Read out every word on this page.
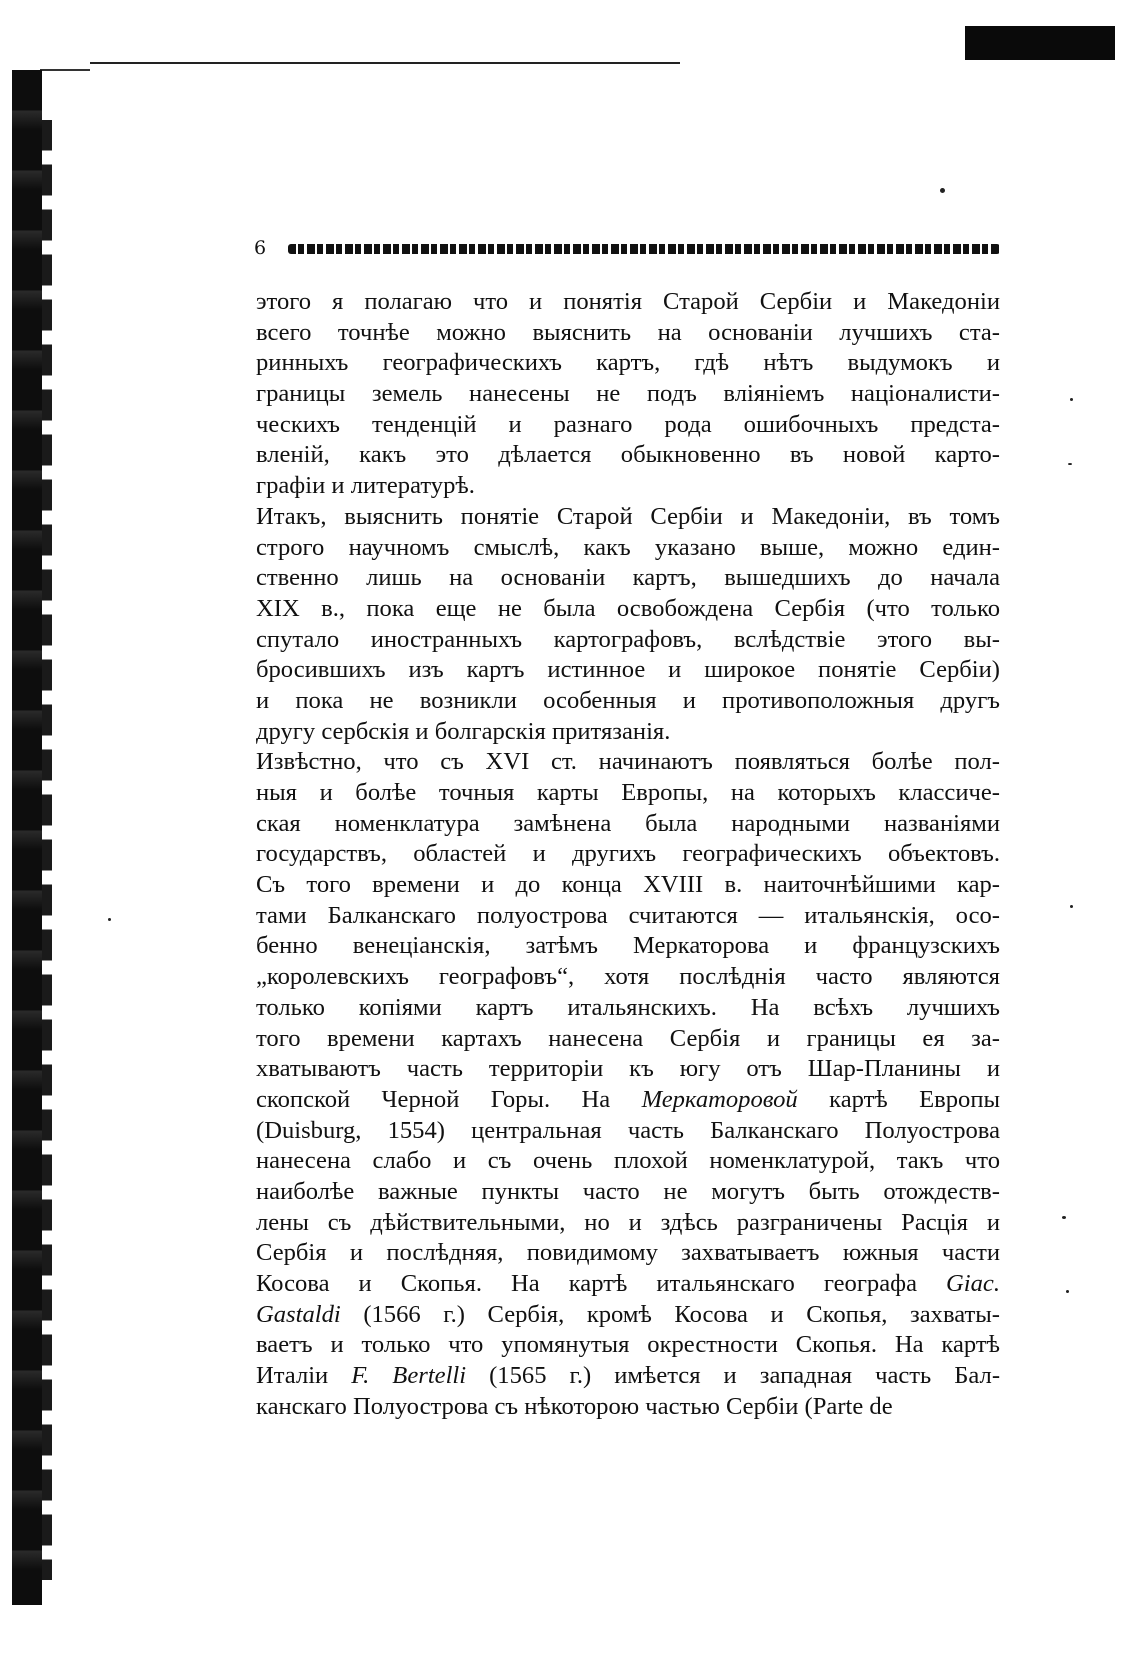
6
этого я полагаю что и понятія Старой Сербіи и Македоніи
всего точнѣе можно выяснить на основаніи лучшихъ ста-
ринныхъ географическихъ картъ, гдѣ нѣтъ выдумокъ и
границы земель нанесены не подъ вліяніемъ націоналисти-
ческихъ тенденцій и разнаго рода ошибочныхъ предста-
вленій, какъ это дѣлается обыкновенно въ новой карто-
графіи и литературѣ.
Итакъ, выяснить понятіе Старой Сербіи и Македоніи, въ томъ
строго научномъ смыслѣ, какъ указано выше, можно един-
ственно лишь на основаніи картъ, вышедшихъ до начала
XIX в., пока еще не была освобождена Сербія (что только
спутало иностранныхъ картографовъ, вслѣдствіе этого вы-
бросившихъ изъ картъ истинное и широкое понятіе Сербіи)
и пока не возникли особенныя и противоположныя другъ
другу сербскія и болгарскія притязанія.
Извѣстно, что съ XVI ст. начинаютъ появляться болѣе пол-
ныя и болѣе точныя карты Европы, на которыхъ классиче-
ская номенклатура замѣнена была народными названіями
государствъ, областей и другихъ географическихъ объектовъ.
Съ того времени и до конца XVIII в. наиточнѣйшими кар-
тами Балканскаго полуострова считаются — итальянскія, осо-
бенно венеціанскія, затѣмъ Меркаторова и французскихъ
„королевскихъ географовъ“, хотя послѣднія часто являются
только копіями картъ итальянскихъ. На всѣхъ лучшихъ
того времени картахъ нанесена Сербія и границы ея за-
хватываютъ часть территоріи къ югу отъ Шар-Планины и
скопской Черной Горы. На Меркаторовой картѣ Европы
(Duisburg, 1554) центральная часть Балканскаго Полуострова
нанесена слабо и съ очень плохой номенклатурой, такъ что
наиболѣе важные пункты часто не могутъ быть отождеств-
лены съ дѣйствительными, но и здѣсь разграничены Расція и
Сербія и послѣдняя, повидимому захватываетъ южныя части
Косова и Скопья. На картѣ итальянскаго географа Giac.
Gastaldi (1566 г.) Сербія, кромѣ Косова и Скопья, захваты-
ваетъ и только что упомянутыя окрестности Скопья. На картѣ
Италіи F. Bertelli (1565 г.) имѣется и западная часть Бал-
канскаго Полуострова съ нѣкоторою частью Сербіи (Parte de
